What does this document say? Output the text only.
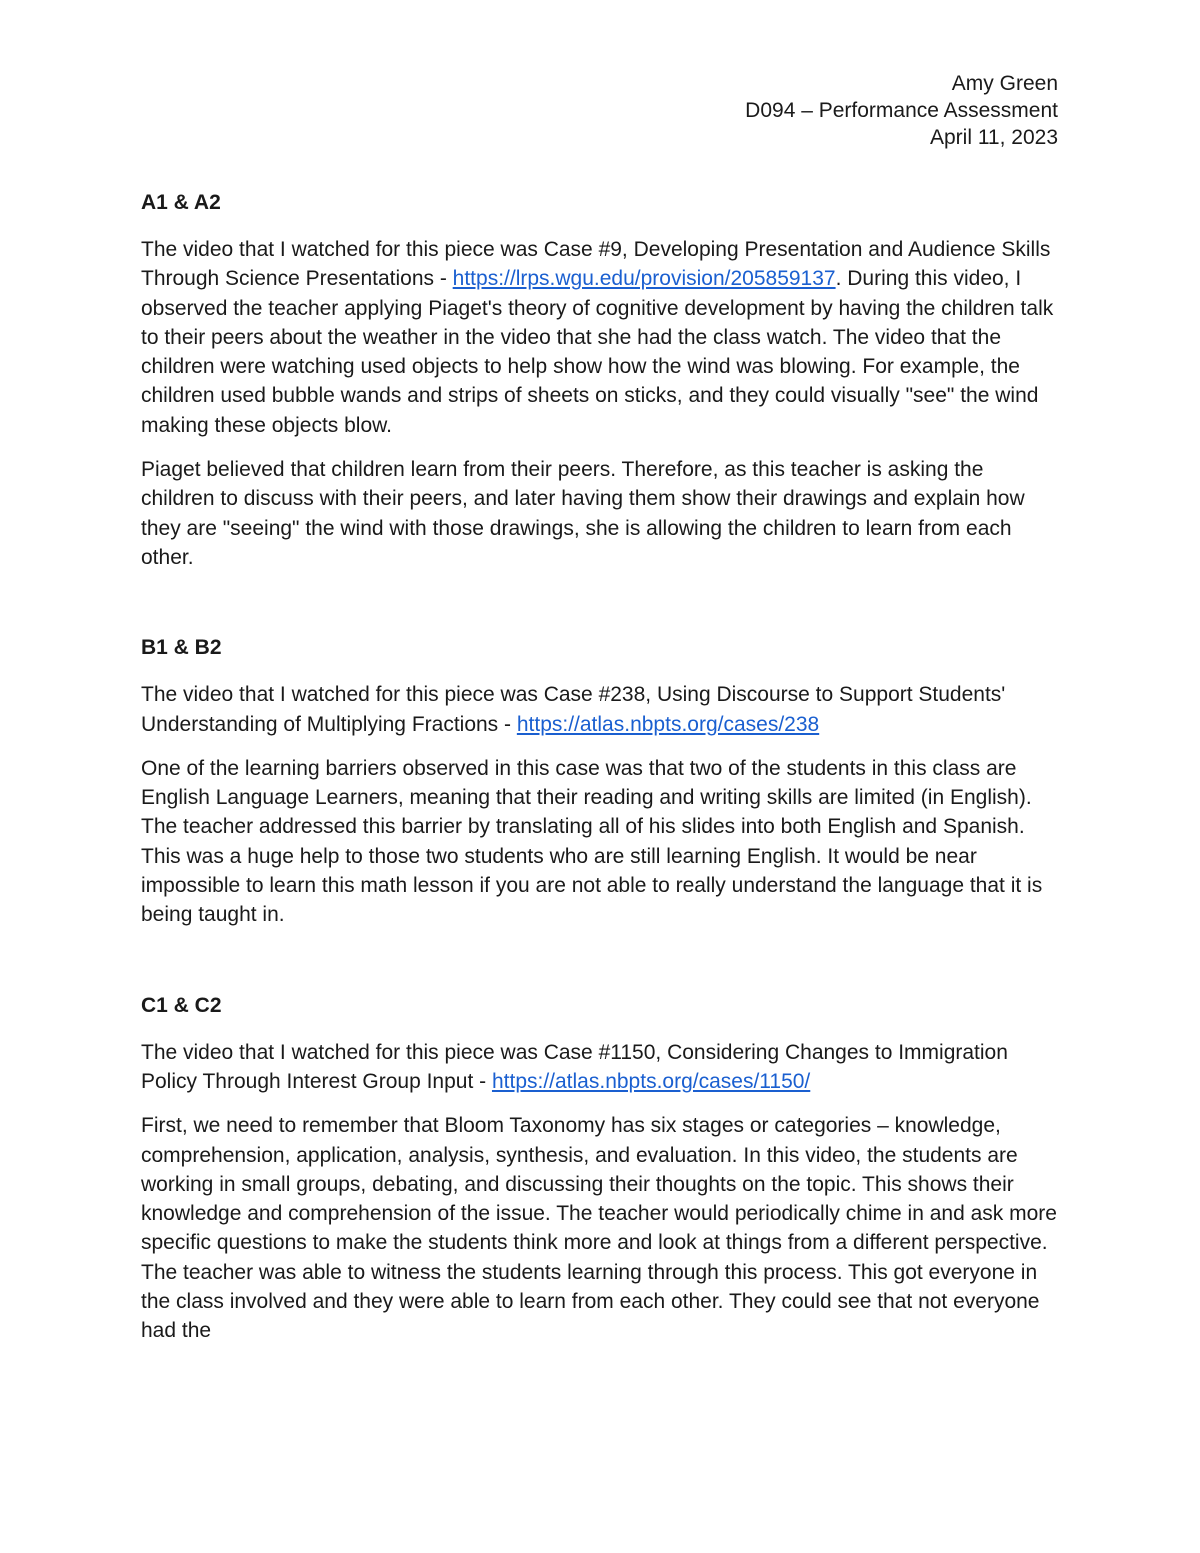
Amy Green
D094 – Performance Assessment
April 11, 2023
A1 & A2

The video that I watched for this piece was Case #9, Developing Presentation and Audience Skills Through Science Presentations - https://lrps.wgu.edu/provision/205859137. During this video, I observed the teacher applying Piaget's theory of cognitive development by having the children talk to their peers about the weather in the video that she had the class watch. The video that the children were watching used objects to help show how the wind was blowing. For example, the children used bubble wands and strips of sheets on sticks, and they could visually "see" the wind making these objects blow.

Piaget believed that children learn from their peers. Therefore, as this teacher is asking the children to discuss with their peers, and later having them show their drawings and explain how they are "seeing" the wind with those drawings, she is allowing the children to learn from each other.

B1 & B2

The video that I watched for this piece was Case #238, Using Discourse to Support Students' Understanding of Multiplying Fractions - https://atlas.nbpts.org/cases/238

One of the learning barriers observed in this case was that two of the students in this class are English Language Learners, meaning that their reading and writing skills are limited (in English). The teacher addressed this barrier by translating all of his slides into both English and Spanish. This was a huge help to those two students who are still learning English. It would be near impossible to learn this math lesson if you are not able to really understand the language that it is being taught in.

C1 & C2

The video that I watched for this piece was Case #1150, Considering Changes to Immigration Policy Through Interest Group Input - https://atlas.nbpts.org/cases/1150/

First, we need to remember that Bloom Taxonomy has six stages or categories – knowledge, comprehension, application, analysis, synthesis, and evaluation. In this video, the students are working in small groups, debating, and discussing their thoughts on the topic. This shows their knowledge and comprehension of the issue. The teacher would periodically chime in and ask more specific questions to make the students think more and look at things from a different perspective. The teacher was able to witness the students learning through this process. This got everyone in the class involved and they were able to learn from each other. They could see that not everyone had the
